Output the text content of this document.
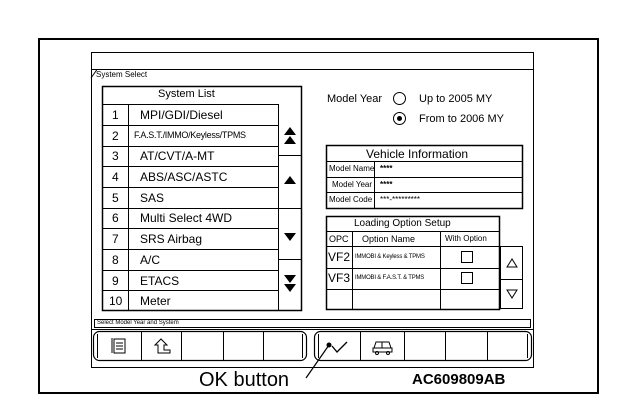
System Select
System List
1 MPI/GDI/Diesel
2 F.A.S.T./IMMO/Keyless/TPMS
3 AT/CVT/A-MT
4 ABS/ASC/ASTC
5 SAS
6 Multi Select 4WD
7 SRS Airbag
8 A/C
9 ETACS
10 Meter
Model Year	Up to 2005 MY
From to 2006 MY
Vehicle Information
Model Name ****
Model Year ****
Model Code ***-*********
Loading Option Setup
OPC Option Name	With Option
VF2 IMMOBI & Keyless & TPMS
VF3 IMMOBI & F.A.S.T. & TPMS
Select Model Year and System
OK button	AC609809AB
